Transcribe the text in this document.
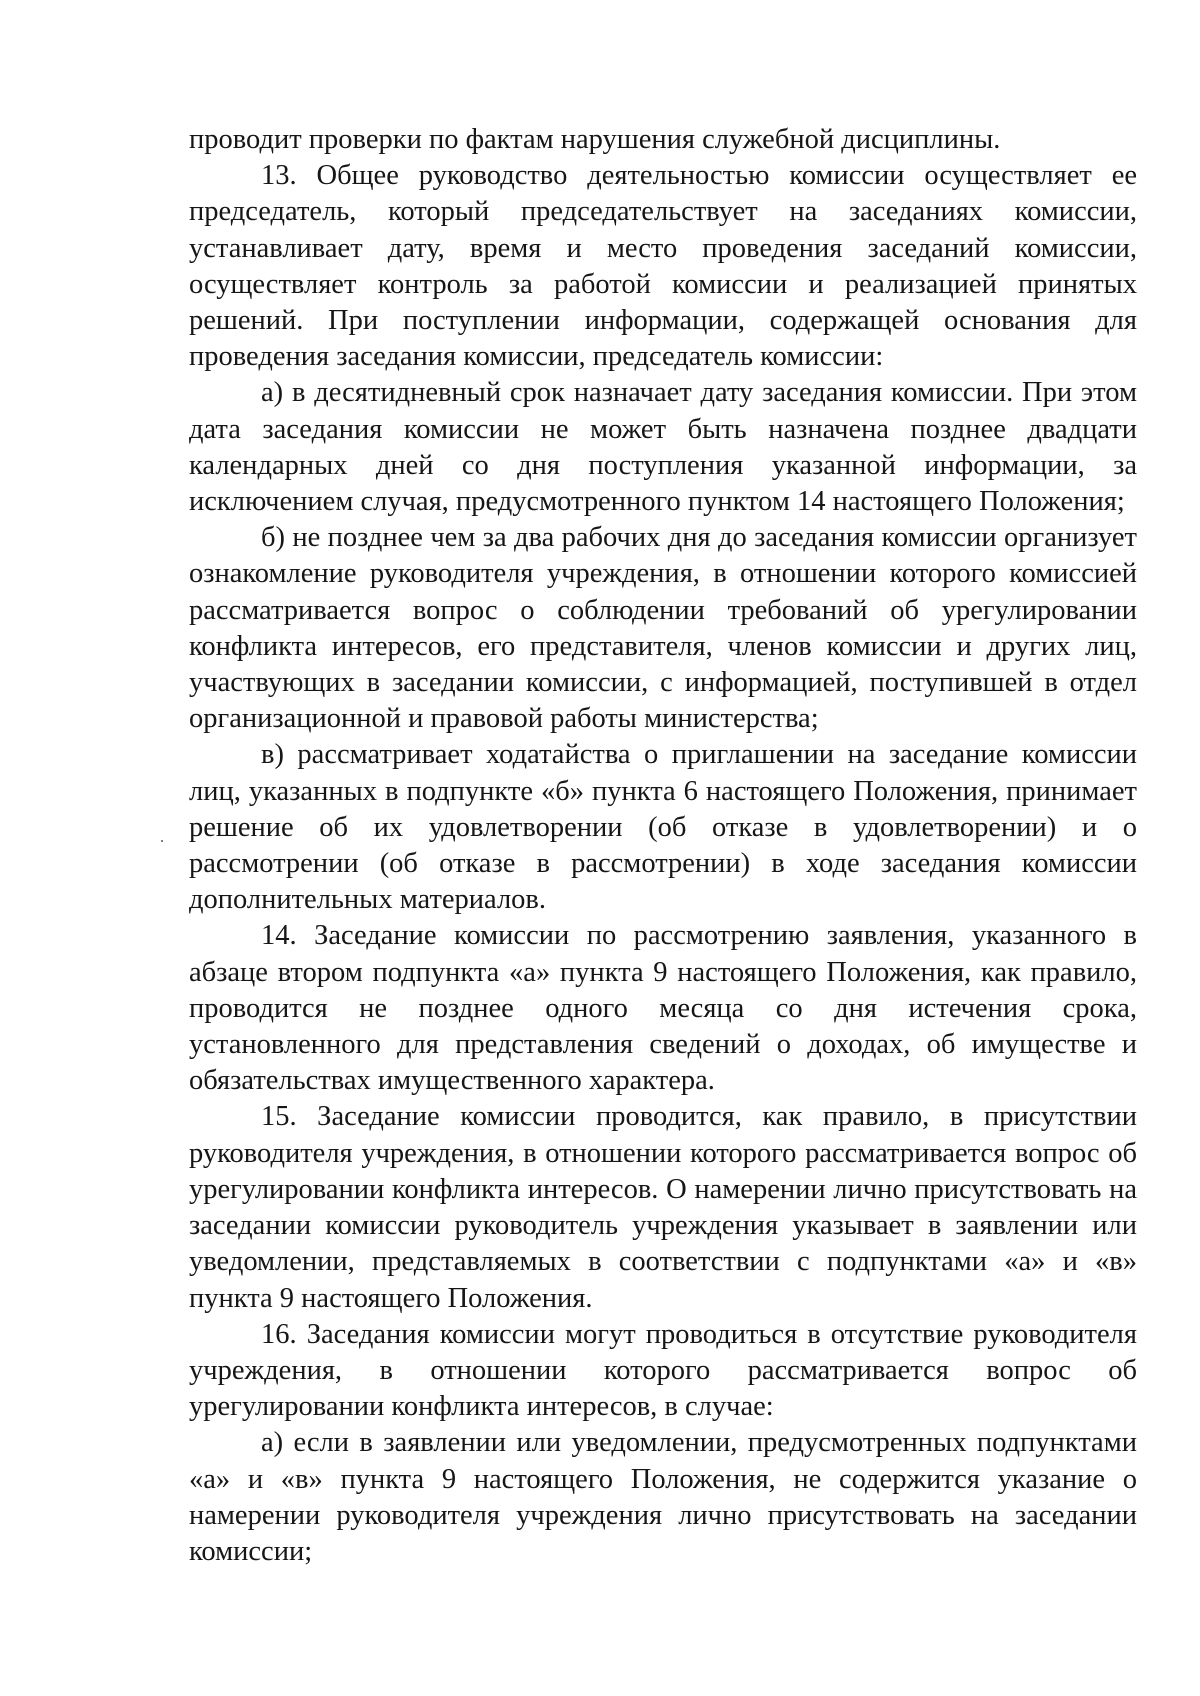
проводит проверки по фактам нарушения служебной дисциплины.

13. Общее руководство деятельностью комиссии осуществляет ее председатель, который председательствует на заседаниях комиссии, устанавливает дату, время и место проведения заседаний комиссии, осуществляет контроль за работой комиссии и реализацией принятых решений. При поступлении информации, содержащей основания для проведения заседания комиссии, председатель комиссии:

а) в десятидневный срок назначает дату заседания комиссии. При этом дата заседания комиссии не может быть назначена позднее двадцати календарных дней со дня поступления указанной информации, за исключением случая, предусмотренного пунктом 14 настоящего Положения;

б) не позднее чем за два рабочих дня до заседания комиссии организует ознакомление руководителя учреждения, в отношении которого комиссией рассматривается вопрос о соблюдении требований об урегулировании конфликта интересов, его представителя, членов комиссии и других лиц, участвующих в заседании комиссии, с информацией, поступившей в отдел организационной и правовой работы министерства;

в) рассматривает ходатайства о приглашении на заседание комиссии лиц, указанных в подпункте «б» пункта 6 настоящего Положения, принимает решение об их удовлетворении (об отказе в удовлетворении) и о рассмотрении (об отказе в рассмотрении) в ходе заседания комиссии дополнительных материалов.

14. Заседание комиссии по рассмотрению заявления, указанного в абзаце втором подпункта «а» пункта 9 настоящего Положения, как правило, проводится не позднее одного месяца со дня истечения срока, установленного для представления сведений о доходах, об имуществе и обязательствах имущественного характера.

15. Заседание комиссии проводится, как правило, в присутствии руководителя учреждения, в отношении которого рассматривается вопрос об урегулировании конфликта интересов. О намерении лично присутствовать на заседании комиссии руководитель учреждения указывает в заявлении или уведомлении, представляемых в соответствии с подпунктами «а» и «в» пункта 9 настоящего Положения.

16. Заседания комиссии могут проводиться в отсутствие руководителя учреждения, в отношении которого рассматривается вопрос об урегулировании конфликта интересов, в случае:

а) если в заявлении или уведомлении, предусмотренных подпунктами «а» и «в» пункта 9 настоящего Положения, не содержится указание о намерении руководителя учреждения лично присутствовать на заседании комиссии;
